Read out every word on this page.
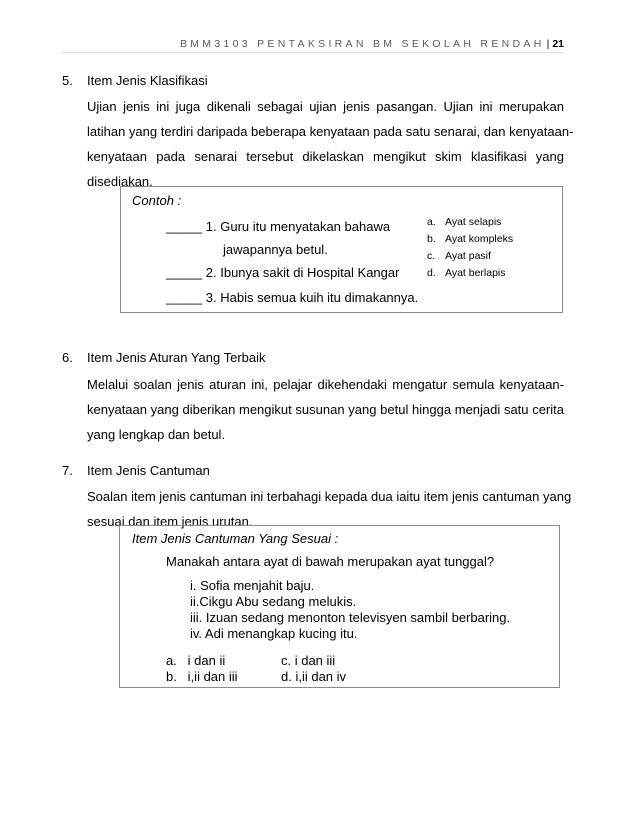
BMM3103 PENTAKSIRAN BM SEKOLAH RENDAH | 21
5. Item Jenis Klasifikasi
Ujian jenis ini juga dikenali sebagai ujian jenis pasangan. Ujian ini merupakan
latihan yang terdiri daripada beberapa kenyataan pada satu senarai, dan kenyataan-
kenyataan pada senarai tersebut dikelaskan mengikut skim klasifikasi yang
disediakan.
Contoh :
_____ 1. Guru itu menyatakan bahawa
jawapannya betul.
_____ 2. Ibunya sakit di Hospital Kangar
_____ 3. Habis semua kuih itu dimakannya.
a. Ayat selapis
b. Ayat kompleks
c. Ayat pasif
d. Ayat berlapis
6. Item Jenis Aturan Yang Terbaik
Melalui soalan jenis aturan ini, pelajar dikehendaki mengatur semula kenyataan-
kenyataan yang diberikan mengikut susunan yang betul hingga menjadi satu cerita
yang lengkap dan betul.
7. Item Jenis Cantuman
Soalan item jenis cantuman ini terbahagi kepada dua iaitu item jenis cantuman yang
sesuai dan item jenis urutan.
Item Jenis Cantuman Yang Sesuai :
Manakah antara ayat di bawah merupakan ayat tunggal?
i. Sofia menjahit baju.
ii.Cikgu Abu sedang melukis.
iii. Izuan sedang menonton televisyen sambil berbaring.
iv. Adi menangkap kucing itu.
a.   i dan ii	c. i dan iii
b.   i,ii dan iii	d. i,ii dan iv
